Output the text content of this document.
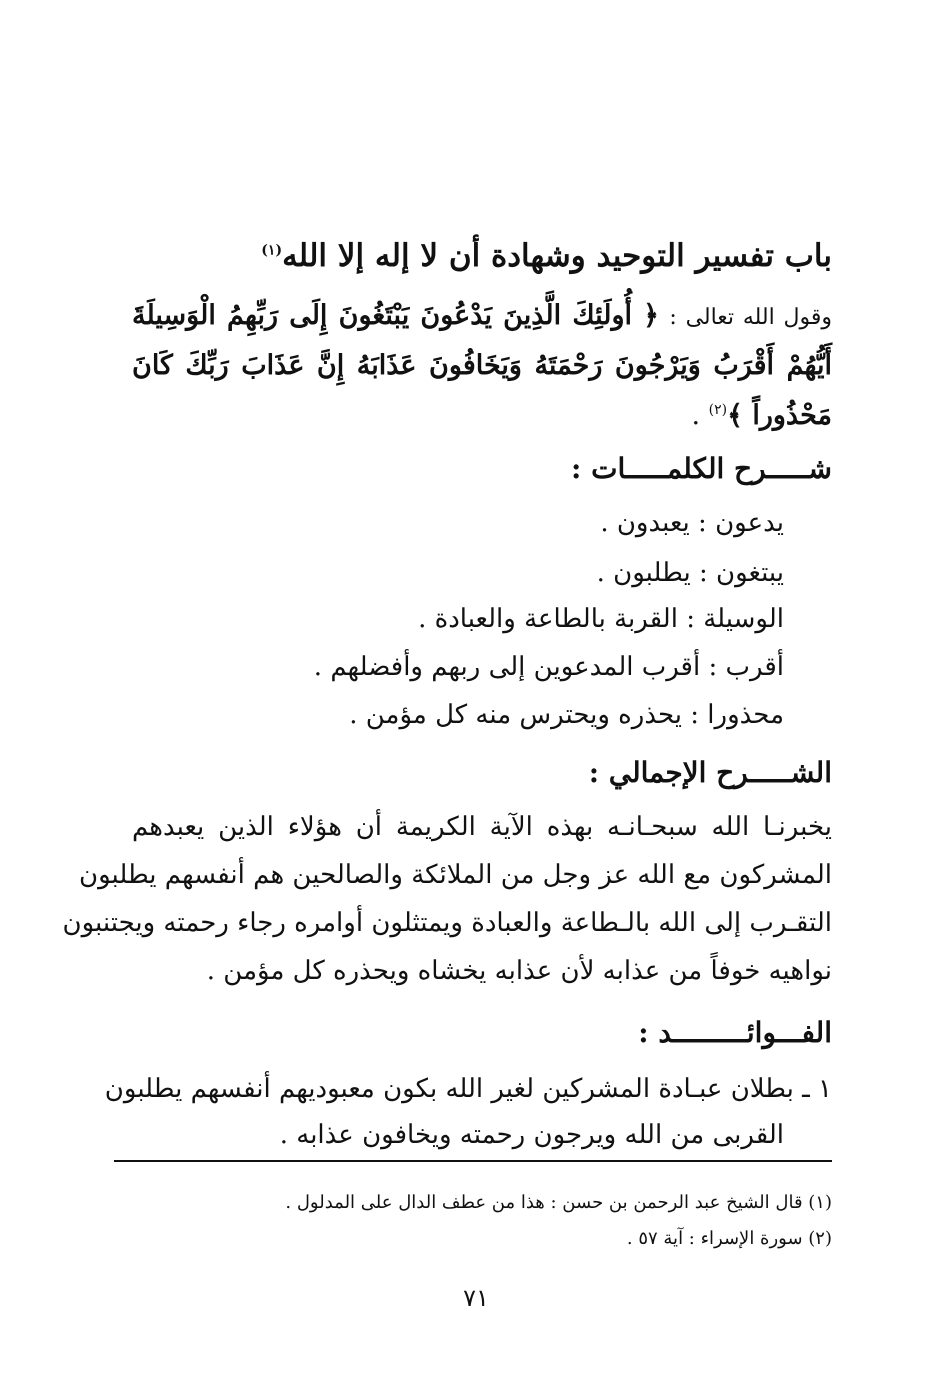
باب تفسير التوحيد وشهادة أن لا إله إلا الله$^{(١)}$
وقول الله تعالى : ﴿ أُولَئِكَ الَّذِينَ يَدْعُونَ يَبْتَغُونَ إِلَى رَبِّهِمُ الْوَسِيلَةَ
أَيُّهُمْ أَقْرَبُ وَيَرْجُونَ رَحْمَتَهُ وَيَخَافُونَ عَذَابَهُ إِنَّ عَذَابَ رَبِّكَ كَانَ
مَحْذُوراً ﴾$^{(٢)}$ .
شـــــرح الكلمـــــات :
يدعون : يعبدون .
يبتغون : يطلبون .
الوسيلة : القربة بالطاعة والعبادة .
أقرب : أقرب المدعوين إلى ربهم وأفضلهم .
محذورا : يحذره ويحترس منه كل مؤمن .
الشـــــرح الإجمالي :
يخبرنـا الله سبحـانـه بهذه الآية الكريمة أن هؤلاء الذين يعبدهم
المشركون مع الله عز وجل من الملائكة والصالحين هم أنفسهم يطلبون
التقـرب إلى الله بالـطاعة والعبادة ويمتثلون أوامره رجاء رحمته ويجتنبون
نواهيه خوفاً من عذابه لأن عذابه يخشاه ويحذره كل مؤمن .
الفـــوائـــــــــد :
١ ـ بطلان عبـادة المشركين لغير الله بكون معبوديهم أنفسهم يطلبون
القربى من الله ويرجون رحمته ويخافون عذابه .
(١) قال الشيخ عبد الرحمن بن حسن : هذا من عطف الدال على المدلول .
(٢) سورة الإسراء : آية ٥٧ .
٧١
